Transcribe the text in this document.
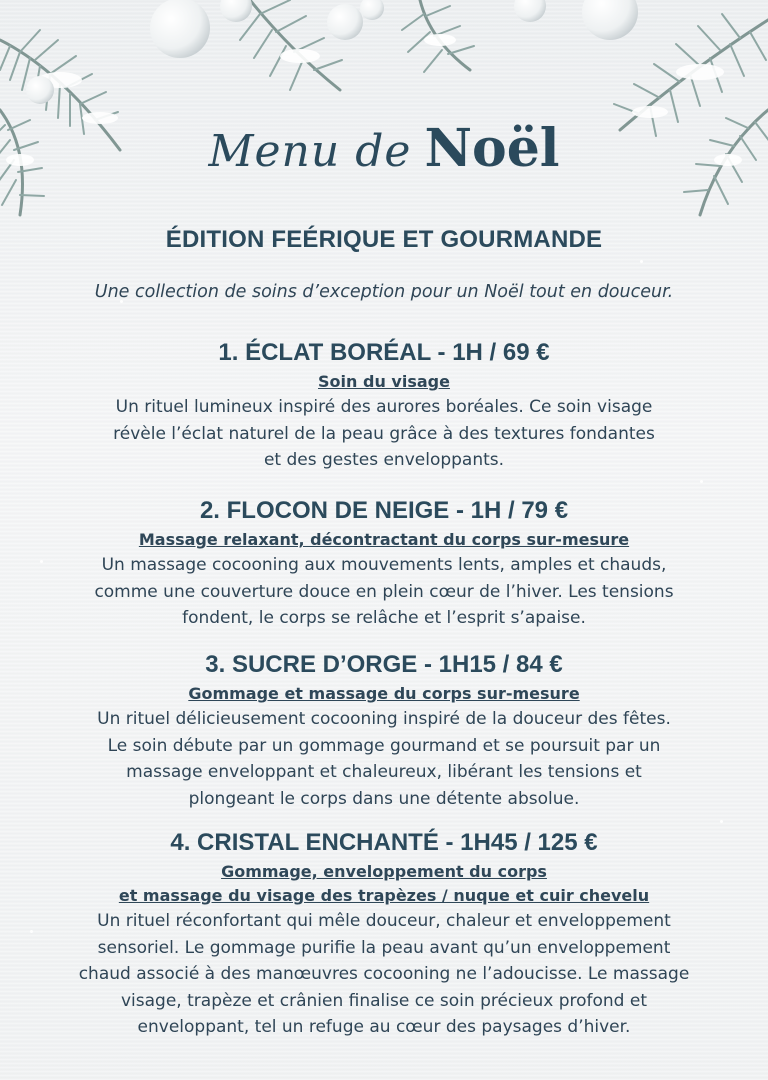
Menu de Noël
ÉDITION FEÉRIQUE ET GOURMANDE
Une collection de soins d’exception pour un Noël tout en douceur.
1. ÉCLAT BORÉAL - 1H / 69 €
Soin du visage

Un rituel lumineux inspiré des aurores boréales. Ce soin visage

révèle l’éclat naturel de la peau grâce à des textures fondantes

et des gestes enveloppants.

2. FLOCON DE NEIGE - 1H / 79 €
Massage relaxant, décontractant du corps sur-mesure

Un massage cocooning aux mouvements lents, amples et chauds,

comme une couverture douce en plein cœur de l’hiver. Les tensions

fondent, le corps se relâche et l’esprit s’apaise.

3. SUCRE D’ORGE - 1H15 / 84 €
Gommage et massage du corps sur-mesure

Un rituel délicieusement cocooning inspiré de la douceur des fêtes.

Le soin débute par un gommage gourmand et se poursuit par un

massage enveloppant et chaleureux, libérant les tensions et

plongeant le corps dans une détente absolue.

4. CRISTAL ENCHANTÉ - 1H45 / 125 €
Gommage, enveloppement du corps
et massage du visage des trapèzes / nuque et cuir chevelu

Un rituel réconfortant qui mêle douceur, chaleur et enveloppement

sensoriel. Le gommage purifie la peau avant qu’un enveloppement

chaud associé à des manœuvres cocooning ne l’adoucisse. Le massage

visage, trapèze et crânien finalise ce soin précieux profond et

enveloppant, tel un refuge au cœur des paysages d’hiver.
